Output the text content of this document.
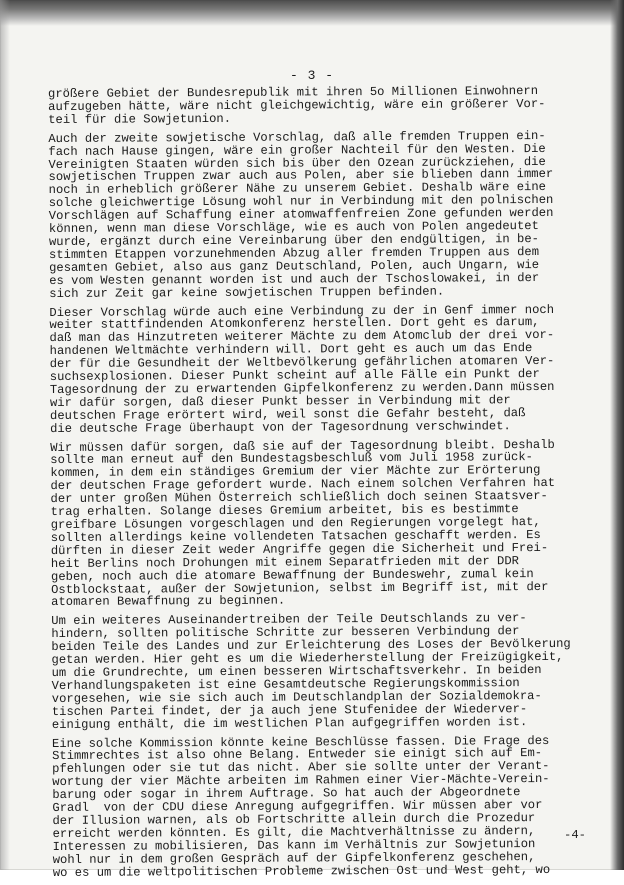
- 3 -

größere Gebiet der Bundesrepublik mit ihren 5o Millionen Einwohnern
aufzugeben hätte, wäre nicht gleichgewichtig, wäre ein größerer Vor-
teil für die Sowjetunion.

Auch der zweite sowjetische Vorschlag, daß alle fremden Truppen ein-
fach nach Hause gingen, wäre ein großer Nachteil für den Westen. Die
Vereinigten Staaten würden sich bis über den Ozean zurückziehen, die
sowjetischen Truppen zwar auch aus Polen, aber sie blieben dann immer
noch in erheblich größerer Nähe zu unserem Gebiet. Deshalb wäre eine
solche gleichwertige Lösung wohl nur in Verbindung mit den polnischen
Vorschlägen auf Schaffung einer atomwaffenfreien Zone gefunden werden
können, wenn man diese Vorschläge, wie es auch von Polen angedeutet
wurde, ergänzt durch eine Vereinbarung über den endgültigen, in be-
stimmten Etappen vorzunehmenden Abzug aller fremden Truppen aus dem
gesamten Gebiet, also aus ganz Deutschland, Polen, auch Ungarn, wie
es vom Westen genannt worden ist und auch der Tschoslowakei, in der
sich zur Zeit gar keine sowjetischen Truppen befinden.

Dieser Vorschlag würde auch eine Verbindung zu der in Genf immer noch
weiter stattfindenden Atomkonferenz herstellen. Dort geht es darum,
daß man das Hinzutreten weiterer Mächte zu dem Atomclub der drei vor-
handenen Weltmächte verhindern will. Dort geht es auch um das Ende
der für die Gesundheit der Weltbevölkerung gefährlichen atomaren Ver-
suchsexplosionen. Dieser Punkt scheint auf alle Fälle ein Punkt der
Tagesordnung der zu erwartenden Gipfelkonferenz zu werden.Dann müssen
wir dafür sorgen, daß dieser Punkt besser in Verbindung mit der
deutschen Frage erörtert wird, weil sonst die Gefahr besteht, daß
die deutsche Frage überhaupt von der Tagesordnung verschwindet.

Wir müssen dafür sorgen, daß sie auf der Tagesordnung bleibt. Deshalb
sollte man erneut auf den Bundestagsbeschluß vom Juli 1958 zurück-
kommen, in dem ein ständiges Gremium der vier Mächte zur Erörterung
der deutschen Frage gefordert wurde. Nach einem solchen Verfahren hat
der unter großen Mühen Österreich schließlich doch seinen Staatsver-
trag erhalten. Solange dieses Gremium arbeitet, bis es bestimmte
greifbare Lösungen vorgeschlagen und den Regierungen vorgelegt hat,
sollten allerdings keine vollendeten Tatsachen geschafft werden. Es
dürften in dieser Zeit weder Angriffe gegen die Sicherheit und Frei-
heit Berlins noch Drohungen mit einem Separatfrieden mit der DDR
geben, noch auch die atomare Bewaffnung der Bundeswehr, zumal kein
Ostblockstaat, außer der Sowjetunion, selbst im Begriff ist, mit der
atomaren Bewaffnung zu beginnen.

Um ein weiteres Auseinandertreiben der Teile Deutschlands zu ver-
hindern, sollten politische Schritte zur besseren Verbindung der
beiden Teile des Landes und zur Erleichterung des Loses der Bevölkerung
getan werden. Hier geht es um die Wiederherstellung der Freizügigkeit,
um die Grundrechte, um einen besseren Wirtschaftsverkehr. In beiden
Verhandlungspaketen ist eine Gesamtdeutsche Regierungskommission
vorgesehen, wie sie sich auch im Deutschlandplan der Sozialdemokra-
tischen Partei findet, der ja auch jene Stufenidee der Wiederver-
einigung enthält, die im westlichen Plan aufgegriffen worden ist.

Eine solche Kommission könnte keine Beschlüsse fassen. Die Frage des
Stimmrechtes ist also ohne Belang. Entweder sie einigt sich auf Em-
pfehlungen oder sie tut das nicht. Aber sie sollte unter der Verant-
wortung der vier Mächte arbeiten im Rahmen einer Vier-Mächte-Verein-
barung oder sogar in ihrem Auftrage. So hat auch der Abgeordnete
Gradl  von der CDU diese Anregung aufgegriffen. Wir müssen aber vor
der Illusion warnen, als ob Fortschritte allein durch die Prozedur
erreicht werden könnten. Es gilt, die Machtverhältnisse zu ändern,
Interessen zu mobilisieren, Das kann im Verhältnis zur Sowjetunion
wohl nur in dem großen Gespräch auf der Gipfelkonferenz geschehen,
wo es um die weltpolitischen Probleme zwischen Ost und West geht, wo

-4-
